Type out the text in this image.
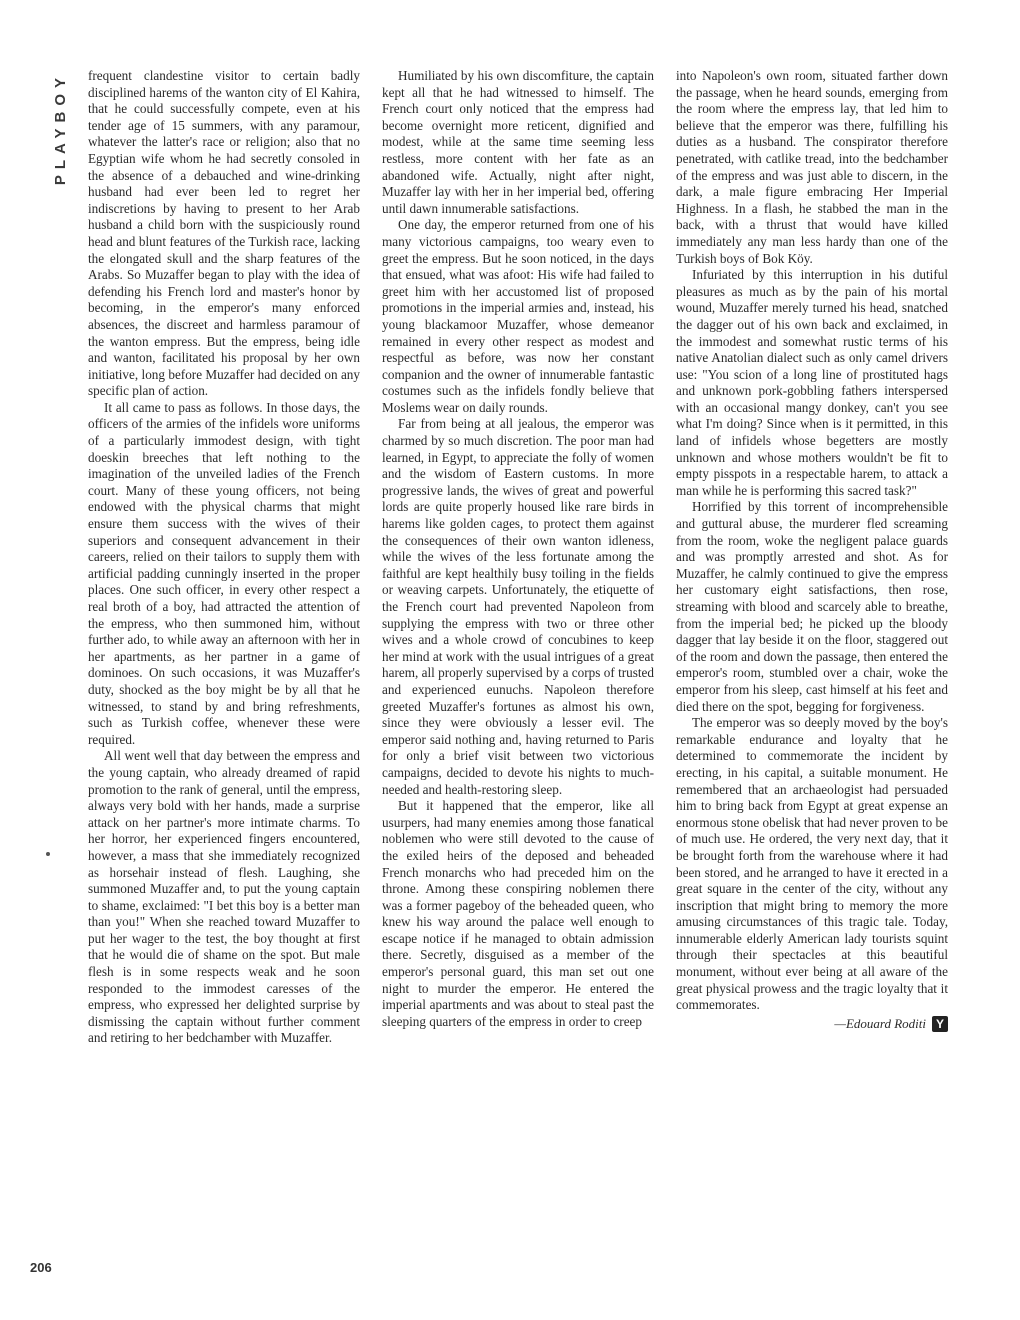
PLAYBOY
206

frequent clandestine visitor to certain badly disciplined harems of the wanton city of El Kahira, that he could successfully compete, even at his tender age of 15 summers, with any paramour, whatever the latter's race or religion; also that no Egyptian wife whom he had secretly consoled in the absence of a debauched and wine-drinking husband had ever been led to regret her indiscretions by having to present to her Arab husband a child born with the suspiciously round head and blunt features of the Turkish race, lacking the elongated skull and the sharp features of the Arabs. So Muzaffer began to play with the idea of defending his French lord and master's honor by becoming, in the emperor's many enforced absences, the discreet and harmless paramour of the wanton empress. But the empress, being idle and wanton, facilitated his proposal by her own initiative, long before Muzaffer had decided on any specific plan of action.

It all came to pass as follows. In those days, the officers of the armies of the infidels wore uniforms of a particularly immodest design, with tight doeskin breeches that left nothing to the imagination of the unveiled ladies of the French court. Many of these young officers, not being endowed with the physical charms that might ensure them success with the wives of their superiors and consequent advancement in their careers, relied on their tailors to supply them with artificial padding cunningly inserted in the proper places. One such officer, in every other respect a real broth of a boy, had attracted the attention of the empress, who then summoned him, without further ado, to while away an afternoon with her in her apartments, as her partner in a game of dominoes. On such occasions, it was Muzaffer's duty, shocked as the boy might be by all that he witnessed, to stand by and bring refreshments, such as Turkish coffee, whenever these were required.

All went well that day between the empress and the young captain, who already dreamed of rapid promotion to the rank of general, until the empress, always very bold with her hands, made a surprise attack on her partner's more intimate charms. To her horror, her experienced fingers encountered, however, a mass that she immediately recognized as horsehair instead of flesh. Laughing, she summoned Muzaffer and, to put the young captain to shame, exclaimed: "I bet this boy is a better man than you!" When she reached toward Muzaffer to put her wager to the test, the boy thought at first that he would die of shame on the spot. But male flesh is in some respects weak and he soon responded to the immodest caresses of the empress, who expressed her delighted surprise by dismissing the captain without further comment and retiring to her bedchamber with Muzaffer.

Humiliated by his own discomfiture, the captain kept all that he had witnessed to himself. The French court only noticed that the empress had become overnight more reticent, dignified and modest, while at the same time seeming less restless, more content with her fate as an abandoned wife. Actually, night after night, Muzaffer lay with her in her imperial bed, offering until dawn innumerable satisfactions.

One day, the emperor returned from one of his many victorious campaigns, too weary even to greet the empress. But he soon noticed, in the days that ensued, what was afoot: His wife had failed to greet him with her accustomed list of proposed promotions in the imperial armies and, instead, his young blackamoor Muzaffer, whose demeanor remained in every other respect as modest and respectful as before, was now her constant companion and the owner of innumerable fantastic costumes such as the infidels fondly believe that Moslems wear on daily rounds.

Far from being at all jealous, the emperor was charmed by so much discretion. The poor man had learned, in Egypt, to appreciate the folly of women and the wisdom of Eastern customs. In more progressive lands, the wives of great and powerful lords are quite properly housed like rare birds in harems like golden cages, to protect them against the consequences of their own wanton idleness, while the wives of the less fortunate among the faithful are kept healthily busy toiling in the fields or weaving carpets. Unfortunately, the etiquette of the French court had prevented Napoleon from supplying the empress with two or three other wives and a whole crowd of concubines to keep her mind at work with the usual intrigues of a great harem, all properly supervised by a corps of trusted and experienced eunuchs. Napoleon therefore greeted Muzaffer's fortunes as almost his own, since they were obviously a lesser evil. The emperor said nothing and, having returned to Paris for only a brief visit between two victorious campaigns, decided to devote his nights to much-needed and health-restoring sleep.

But it happened that the emperor, like all usurpers, had many enemies among those fanatical noblemen who were still devoted to the cause of the exiled heirs of the deposed and beheaded French monarchs who had preceded him on the throne. Among these conspiring noblemen there was a former pageboy of the beheaded queen, who knew his way around the palace well enough to escape notice if he managed to obtain admission there. Secretly, disguised as a member of the emperor's personal guard, this man set out one night to murder the emperor. He entered the imperial apartments and was about to steal past the sleeping quarters of the empress in order to creep

into Napoleon's own room, situated farther down the passage, when he heard sounds, emerging from the room where the empress lay, that led him to believe that the emperor was there, fulfilling his duties as a husband. The conspirator therefore penetrated, with catlike tread, into the bedchamber of the empress and was just able to discern, in the dark, a male figure embracing Her Imperial Highness. In a flash, he stabbed the man in the back, with a thrust that would have killed immediately any man less hardy than one of the Turkish boys of Bok Köy.

Infuriated by this interruption in his dutiful pleasures as much as by the pain of his mortal wound, Muzaffer merely turned his head, snatched the dagger out of his own back and exclaimed, in the immodest and somewhat rustic terms of his native Anatolian dialect such as only camel drivers use: "You scion of a long line of prostituted hags and unknown pork-gobbling fathers interspersed with an occasional mangy donkey, can't you see what I'm doing? Since when is it permitted, in this land of infidels whose begetters are mostly unknown and whose mothers wouldn't be fit to empty pisspots in a respectable harem, to attack a man while he is performing this sacred task?"

Horrified by this torrent of incomprehensible and guttural abuse, the murderer fled screaming from the room, woke the negligent palace guards and was promptly arrested and shot. As for Muzaffer, he calmly continued to give the empress her customary eight satisfactions, then rose, streaming with blood and scarcely able to breathe, from the imperial bed; he picked up the bloody dagger that lay beside it on the floor, staggered out of the room and down the passage, then entered the emperor's room, stumbled over a chair, woke the emperor from his sleep, cast himself at his feet and died there on the spot, begging for forgiveness.

The emperor was so deeply moved by the boy's remarkable endurance and loyalty that he determined to commemorate the incident by erecting, in his capital, a suitable monument. He remembered that an archaeologist had persuaded him to bring back from Egypt at great expense an enormous stone obelisk that had never proven to be of much use. He ordered, the very next day, that it be brought forth from the warehouse where it had been stored, and he arranged to have it erected in a great square in the center of the city, without any inscription that might bring to memory the more amusing circumstances of this tragic tale. Today, innumerable elderly American lady tourists squint through their spectacles at this beautiful monument, without ever being at all aware of the great physical prowess and the tragic loyalty that it commemorates.

—Edouard Roditi Y
